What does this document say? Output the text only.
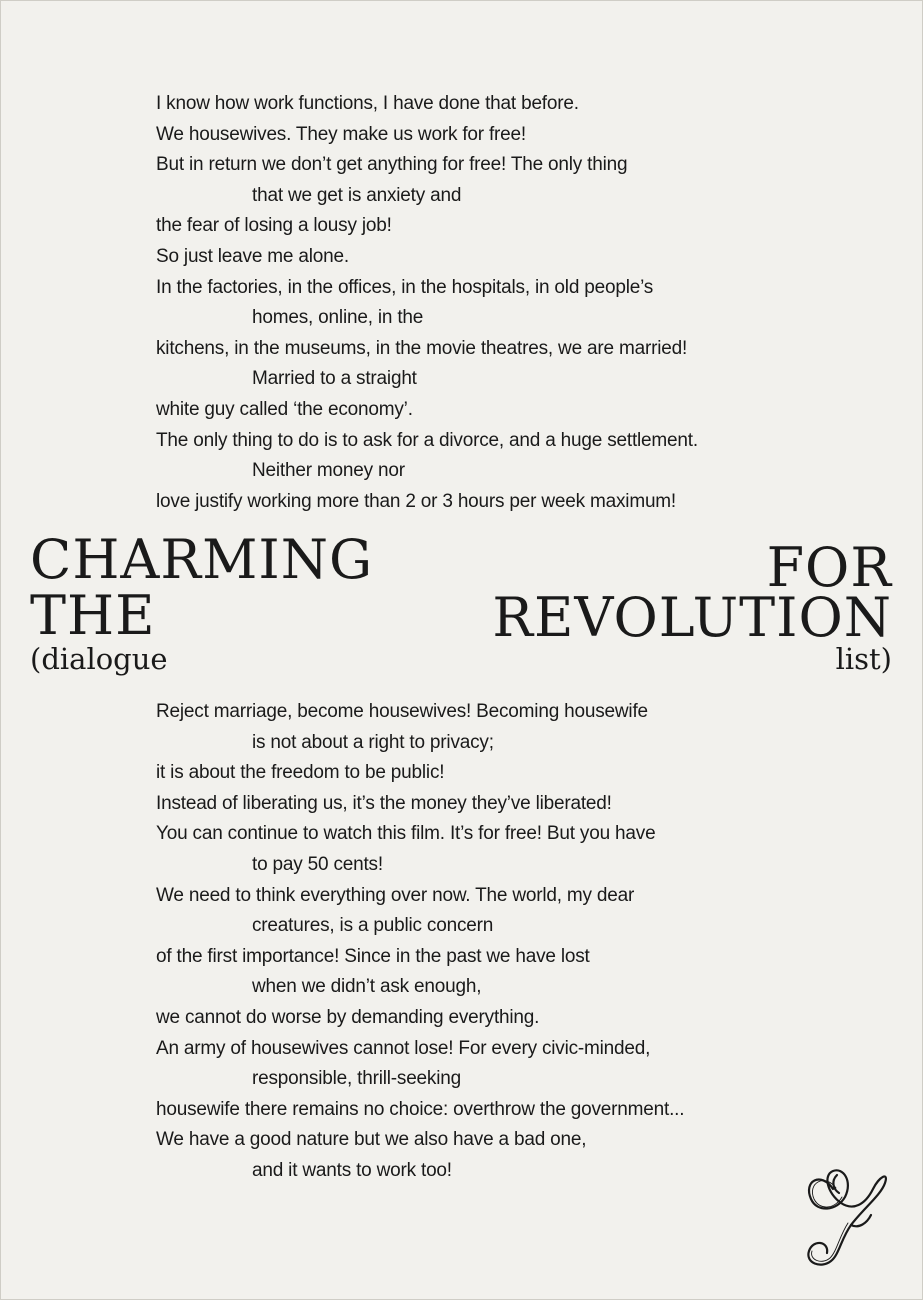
I know how work functions, I have done that before.
We housewives. They make us work for free!
But in return we don’t get anything for free! The only thing
that we get is anxiety and
the fear of losing a lousy job!
So just leave me alone.
In the factories, in the offices, in the hospitals, in old people’s
homes, online, in the
kitchens, in the museums, in the movie theatres, we are married!
Married to a straight
white guy called ‘the economy’.
The only thing to do is to ask for a divorce, and a huge settlement.
Neither money nor
love justify working more than 2 or 3 hours per week maximum!
CHARMING	FOR
THE	REVOLUTION
(dialogue	list)
Reject marriage, become housewives! Becoming housewife
is not about a right to privacy;
it is about the freedom to be public!
Instead of liberating us, it’s the money they’ve liberated!
You can continue to watch this film. It’s for free! But you have
to pay 50 cents!
We need to think everything over now. The world, my dear
creatures, is a public concern
of the first importance! Since in the past we have lost
when we didn’t ask enough,
we cannot do worse by demanding everything.
An army of housewives cannot lose! For every civic-minded,
responsible, thrill-seeking
housewife there remains no choice: overthrow the government...
We have a good nature but we also have a bad one,
and it wants to work too!
